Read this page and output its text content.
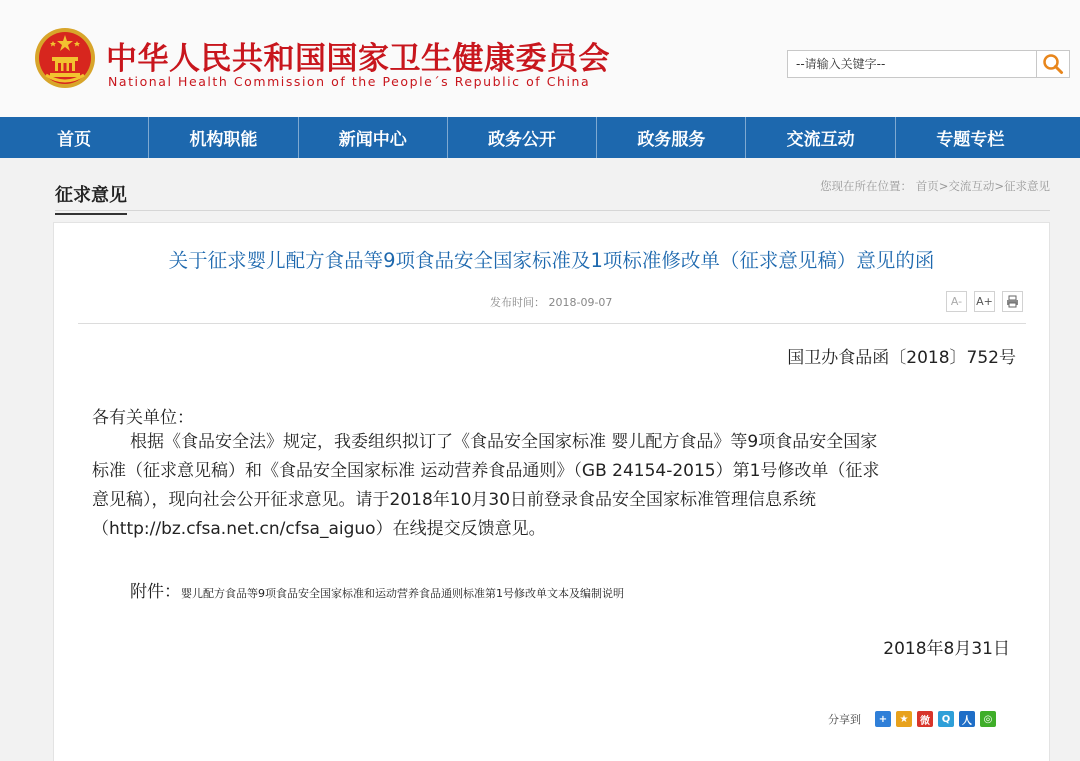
中华人民共和国国家卫生健康委员会
National Health Commission of the People´s Republic of China
--请输入关键字--
首页	机构职能	新闻中心	政务公开	政务服务	交流互动	专题专栏
征求意见	您现在所在位置： 首页>交流互动>征求意见
关于征求婴儿配方食品等9项食品安全国家标准及1项标准修改单（征求意见稿）意见的函
发布时间： 2018-09-07	A-	A+
国卫办食品函〔2018〕752号
各有关单位：
根据《食品安全法》规定，我委组织拟订了《食品安全国家标准 婴儿配方食品》等9项食品安全国家
标准（征求意见稿）和《食品安全国家标准 运动营养食品通则》（GB 24154-2015）第1号修改单（征求
意见稿），现向社会公开征求意见。请于2018年10月30日前登录食品安全国家标准管理信息系统
（http://bz.cfsa.net.cn/cfsa_aiguo）在线提交反馈意见。
附件：婴儿配方食品等9项食品安全国家标准和运动营养食品通则标准第1号修改单文本及编制说明
2018年8月31日
分享到	+	★	微	Q	人	◎
